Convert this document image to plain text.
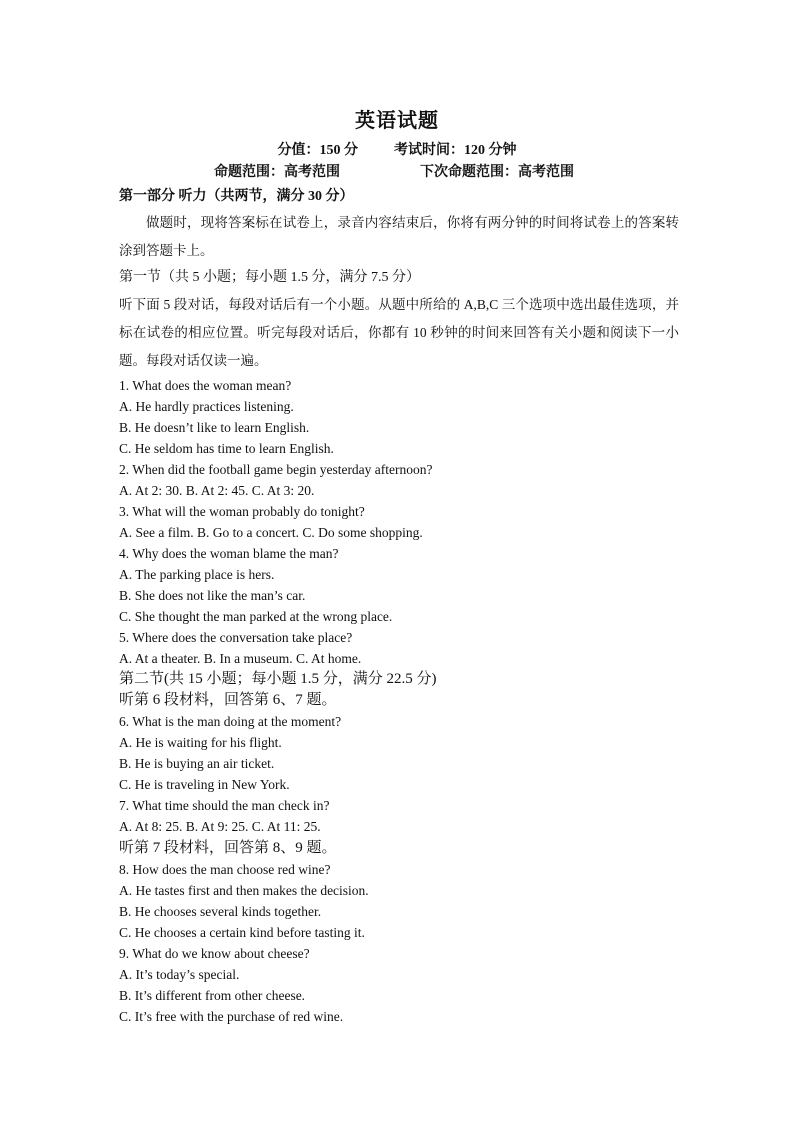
英语试题
分值：150 分	考试时间：120 分钟
命题范围：高考范围	下次命题范围：高考范围
第一部分 听力（共两节，满分 30 分）
做题时，现将答案标在试卷上，录音内容结束后，你将有两分钟的时间将试卷上的答案转涂到答题卡上。
第一节（共 5 小题；每小题 1.5 分，满分 7.5 分）
听下面 5 段对话，每段对话后有一个小题。从题中所给的 A,B,C 三个选项中选出最佳选项，并标在试卷的相应位置。听完每段对话后，你都有 10 秒钟的时间来回答有关小题和阅读下一小题。每段对话仅读一遍。
1. What does the woman mean?
A. He hardly practices listening.
B. He doesn’t like to learn English.
C. He seldom has time to learn English.
2. When did the football game begin yesterday afternoon?
A. At 2: 30. B. At 2: 45. C. At 3: 20.
3. What will the woman probably do tonight?
A. See a film. B. Go to a concert. C. Do some shopping.
4. Why does the woman blame the man?
A. The parking place is hers.
B. She does not like the man’s car.
C. She thought the man parked at the wrong place.
5. Where does the conversation take place?
A. At a theater. B. In a museum. C. At home.
第二节(共 15 小题；每小题 1.5 分，满分 22.5 分)
听第 6 段材料，回答第 6、7 题。
6. What is the man doing at the moment?
A. He is waiting for his flight.
B. He is buying an air ticket.
C. He is traveling in New York.
7. What time should the man check in?
A. At 8: 25. B. At 9: 25. C. At 11: 25.
听第 7 段材料，回答第 8、9 题。
8. How does the man choose red wine?
A. He tastes first and then makes the decision.
B. He chooses several kinds together.
C. He chooses a certain kind before tasting it.
9. What do we know about cheese?
A. It’s today’s special.
B. It’s different from other cheese.
C. It’s free with the purchase of red wine.
